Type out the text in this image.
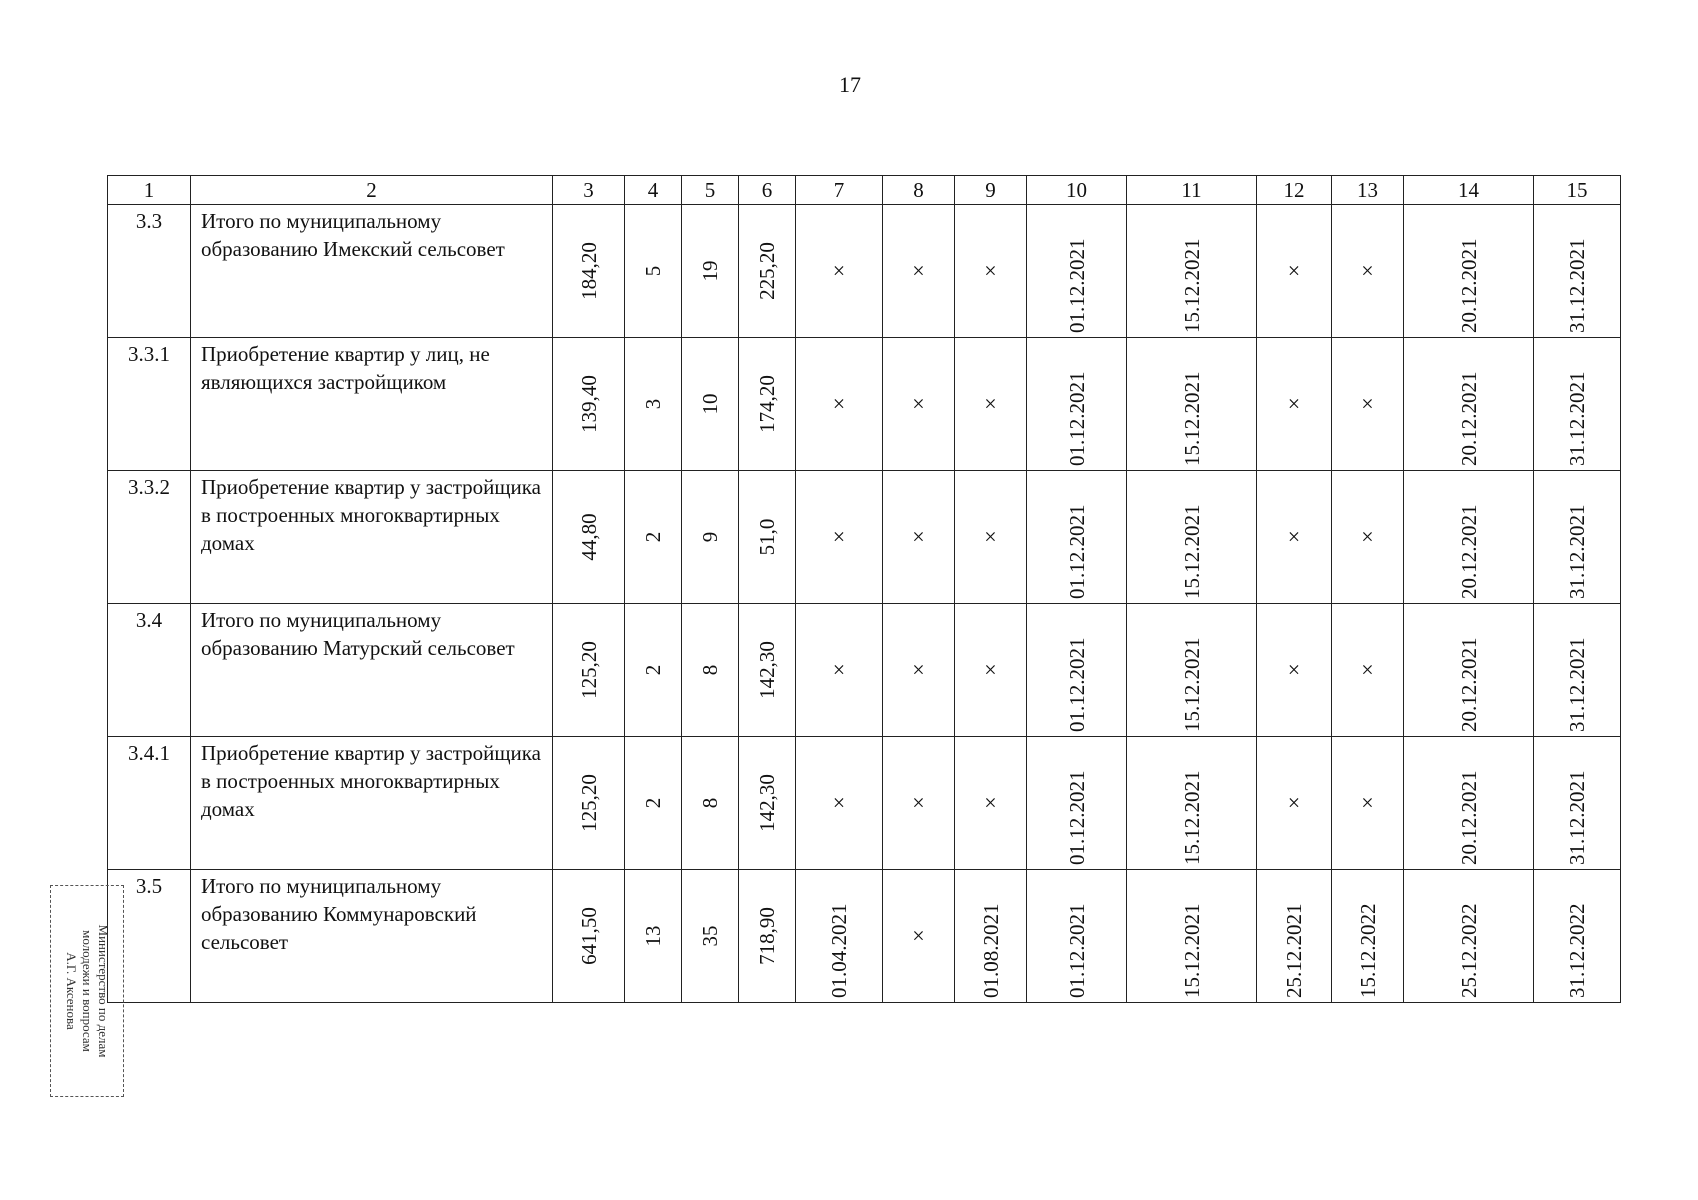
17
1	2	3	4	5	6	7	8	9	10	11	12	13	14	15
3.3	Итого по муниципальному образованию Имекский сельсовет	184,20	5	19	225,20	×	×	×	01.12.2021	15.12.2021	×	×	20.12.2021	31.12.2021

3.3.1	Приобретение квартир у лиц, не являющихся застройщиком	139,40	3	10	174,20	×	×	×	01.12.2021	15.12.2021	×	×	20.12.2021	31.12.2021

3.3.2	Приобретение квартир у застройщика в построенных многоквартирных домах	44,80	2	9	51,0	×	×	×	01.12.2021	15.12.2021	×	×	20.12.2021	31.12.2021

3.4	Итого по муниципальному образованию Матурский сельсовет	125,20	2	8	142,30	×	×	×	01.12.2021	15.12.2021	×	×	20.12.2021	31.12.2021

3.4.1	Приобретение квартир у застройщика в построенных многоквартирных домах	125,20	2	8	142,30	×	×	×	01.12.2021	15.12.2021	×	×	20.12.2021	31.12.2021

3.5	Итого по муниципальному образованию Коммунаровский сельсовет	641,50	13	35	718,90	01.04.2021	×	01.08.2021	01.12.2021	15.12.2021	25.12.2021	15.12.2022	25.12.2022	31.12.2022
Министерство по делам
молодежи и вопросам
А.Г. Аксенова
